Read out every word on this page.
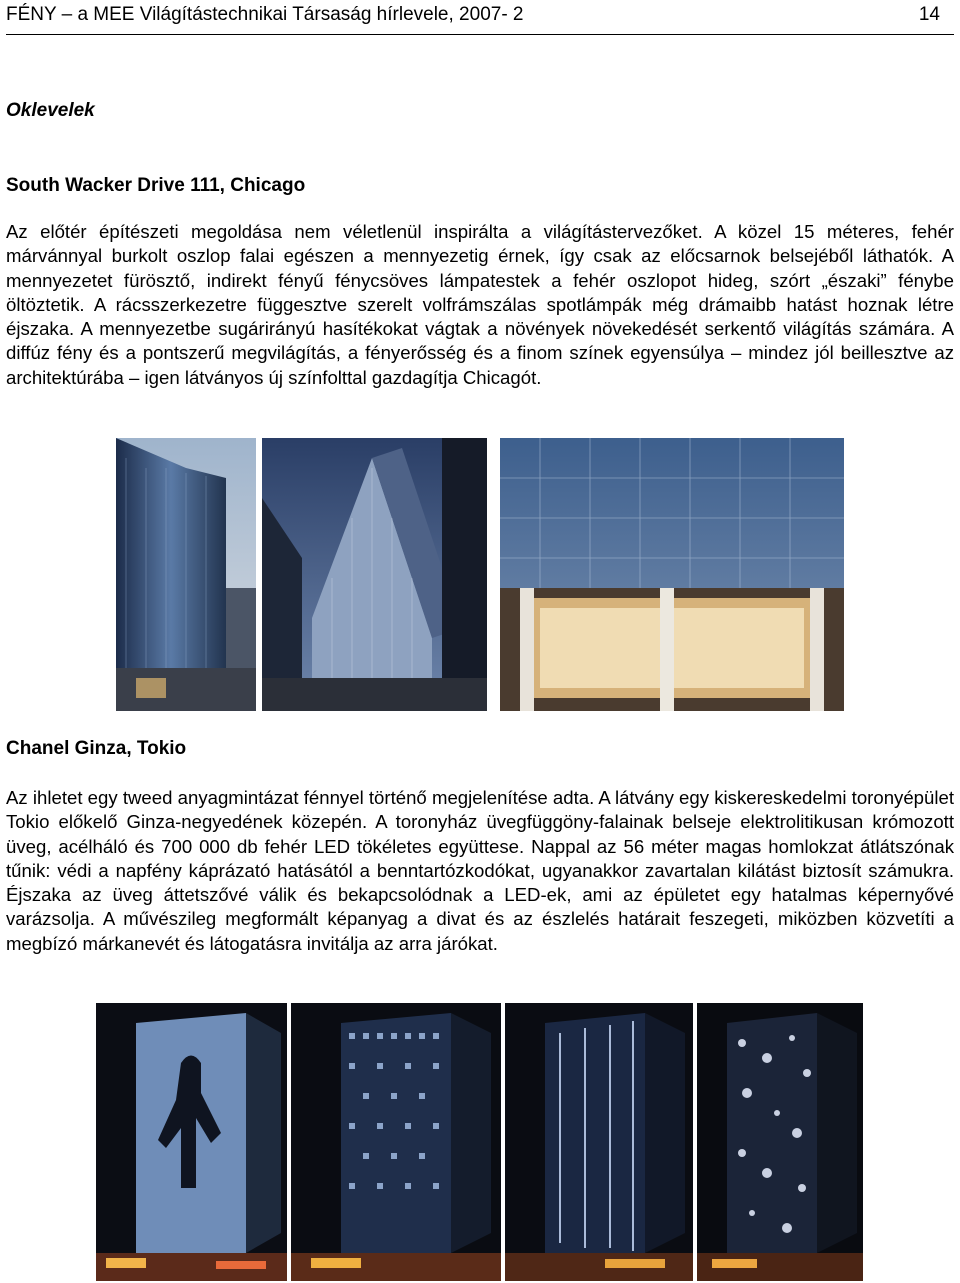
FÉNY – a MEE Világítástechnikai Társaság hírlevele, 2007- 2	14
Oklevelek
South Wacker Drive 111, Chicago
Az előtér építészeti megoldása nem véletlenül inspirálta a világítástervezőket. A közel 15 méteres, fehér márvánnyal burkolt oszlop falai egészen a mennyezetig érnek, így csak az előcsarnok belsejéből láthatók. A mennyezetet fürösztő, indirekt fényű fénycsöves lámpatestek a fehér oszlopot hideg, szórt „északi” fénybe öltöztetik. A rácsszerkezetre függesztve szerelt volfrámszálas spotlámpák még drámaibb hatást hoznak létre éjszaka. A mennyezetbe sugárirányú hasítékokat vágtak a növények növekedését serkentő világítás számára. A diffúz fény és a pontszerű megvilágítás, a fényerősség és a finom színek egyensúlya – mindez jól beillesztve az architektúrába – igen látványos új színfolttal gazdagítja Chicagót.
Chanel Ginza, Tokio
Az ihletet egy tweed anyagmintázat fénnyel történő megjelenítése adta. A látvány egy kiskereskedelmi toronyépület Tokio előkelő Ginza-negyedének közepén. A toronyház üvegfüggöny-falainak belseje elektrolitikusan krómozott üveg, acélháló és 700 000 db fehér LED tökéletes együttese. Nappal az 56 méter magas homlokzat átlátszónak tűnik: védi a napfény káprázató hatásától a benntartózkodókat, ugyanakkor zavartalan kilátást biztosít számukra. Éjszaka az üveg áttetszővé válik és bekapcsolódnak a LED-ek, ami az épületet egy hatalmas képernyővé varázsolja. A művészileg megformált képanyag a divat és az észlelés határait feszegeti, miközben közvetíti a megbízó márkanevét és látogatásra invitálja az arra járókat.
